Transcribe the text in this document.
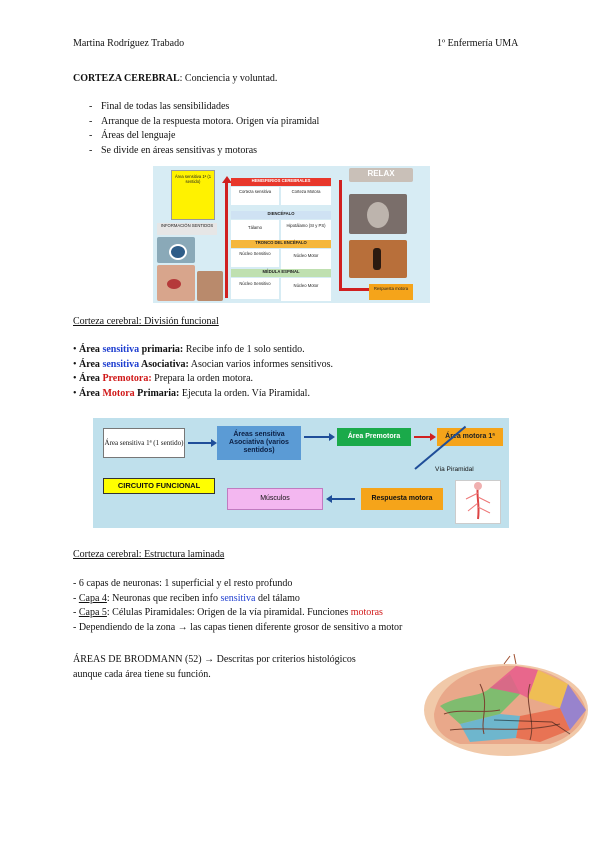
Martina Rodríguez Trabado	1º Enfermería UMA
CORTEZA CEREBRAL: Conciencia y voluntad.
- Final de todas las sensibilidades
- Arranque de la respuesta motora. Origen vía piramidal
- Áreas del lenguaje
- Se divide en áreas sensitivas y motoras
Área sensitiva 1ª (1 sentido)
INFORMACIÓN SENTIDOS
HEMISFERIOS CEREBRALES
Corteza sensitiva	Corteza Motora
DIENCÉFALO
Tálamo	Hipotálamo (SI y PS)
TRONCO DEL ENCÉFALO
Núcleo Sensitivo	Núcleo Motor
MÉDULA ESPINAL
Núcleo Sensitivo	Núcleo Motor
RELAX
Respuesta motora
Corteza cerebral: División funcional
• Área sensitiva primaria: Recibe info de 1 solo sentido.
• Área sensitiva Asociativa: Asocian varios informes sensitivos.
• Área Premotora: Prepara la orden motora.
• Área Motora Primaria: Ejecuta la orden. Vía Piramidal.
Área sensitiva 1ª (1 sentido)
Áreas sensitiva Asociativa (varios sentidos)
Área Premotora	Área motora 1ª
Vía Piramidal
CIRCUITO FUNCIONAL
Músculos	Respuesta motora
Corteza cerebral: Estructura laminada
- 6 capas de neuronas: 1 superficial y el resto profundo
- Capa 4: Neuronas que reciben info sensitiva del tálamo
- Capa 5: Células Piramidales: Origen de la vía piramidal. Funciones motoras
- Dependiendo de la zona → las capas tienen diferente grosor de sensitivo a motor
ÁREAS DE BRODMANN (52) → Descritas por criterios histológicos
aunque cada área tiene su función.
